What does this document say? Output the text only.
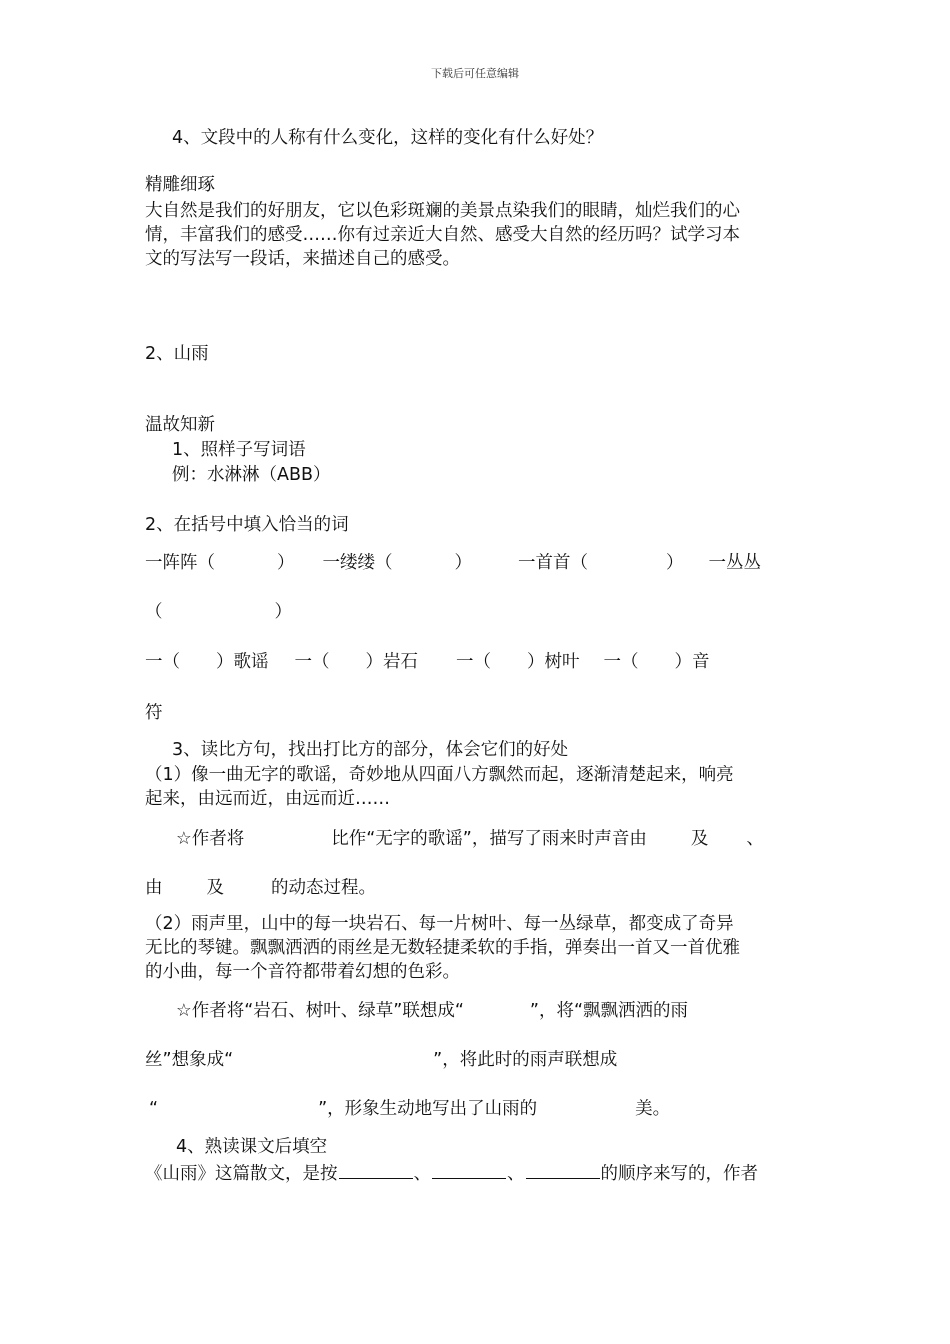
下载后可任意编辑
4、文段中的人称有什么变化，这样的变化有什么好处？
精雕细琢
大自然是我们的好朋友，它以色彩斑斓的美景点染我们的眼睛，灿烂我们的心
情，丰富我们的感受……你有过亲近大自然、感受大自然的经历吗？试学习本
文的写法写一段话，来描述自己的感受。
2、山雨
温故知新
1、照样子写词语
例：水淋淋（ABB）
2、在括号中填入恰当的词
一阵阵（	） 一缕缕（	）	一首首（	） 一丛丛
（	）
一（ ）歌谣 一（ ）岩石 一（ ）树叶 一（ ）音
符
3、读比方句，找出打比方的部分，体会它们的好处
（1）像一曲无字的歌谣，奇妙地从四面八方飘然而起，逐渐清楚起来，响亮
起来，由远而近，由远而近……
☆作者将	比作“无字的歌谣”，描写了雨来时声音由	及 、
由	及	的动态过程。
（2）雨声里，山中的每一块岩石、每一片树叶、每一丛绿草，都变成了奇异
无比的琴键。飘飘洒洒的雨丝是无数轻捷柔软的手指，弹奏出一首又一首优雅
的小曲，每一个音符都带着幻想的色彩。
☆作者将“岩石、树叶、绿草”联想成“	”，将“飘飘洒洒的雨
丝”想象成“	”，将此时的雨声联想成
“	”，形象生动地写出了山雨的	美。
4、熟读课文后填空
《山雨》这篇散文，是按	、	、	的顺序来写的，作者
